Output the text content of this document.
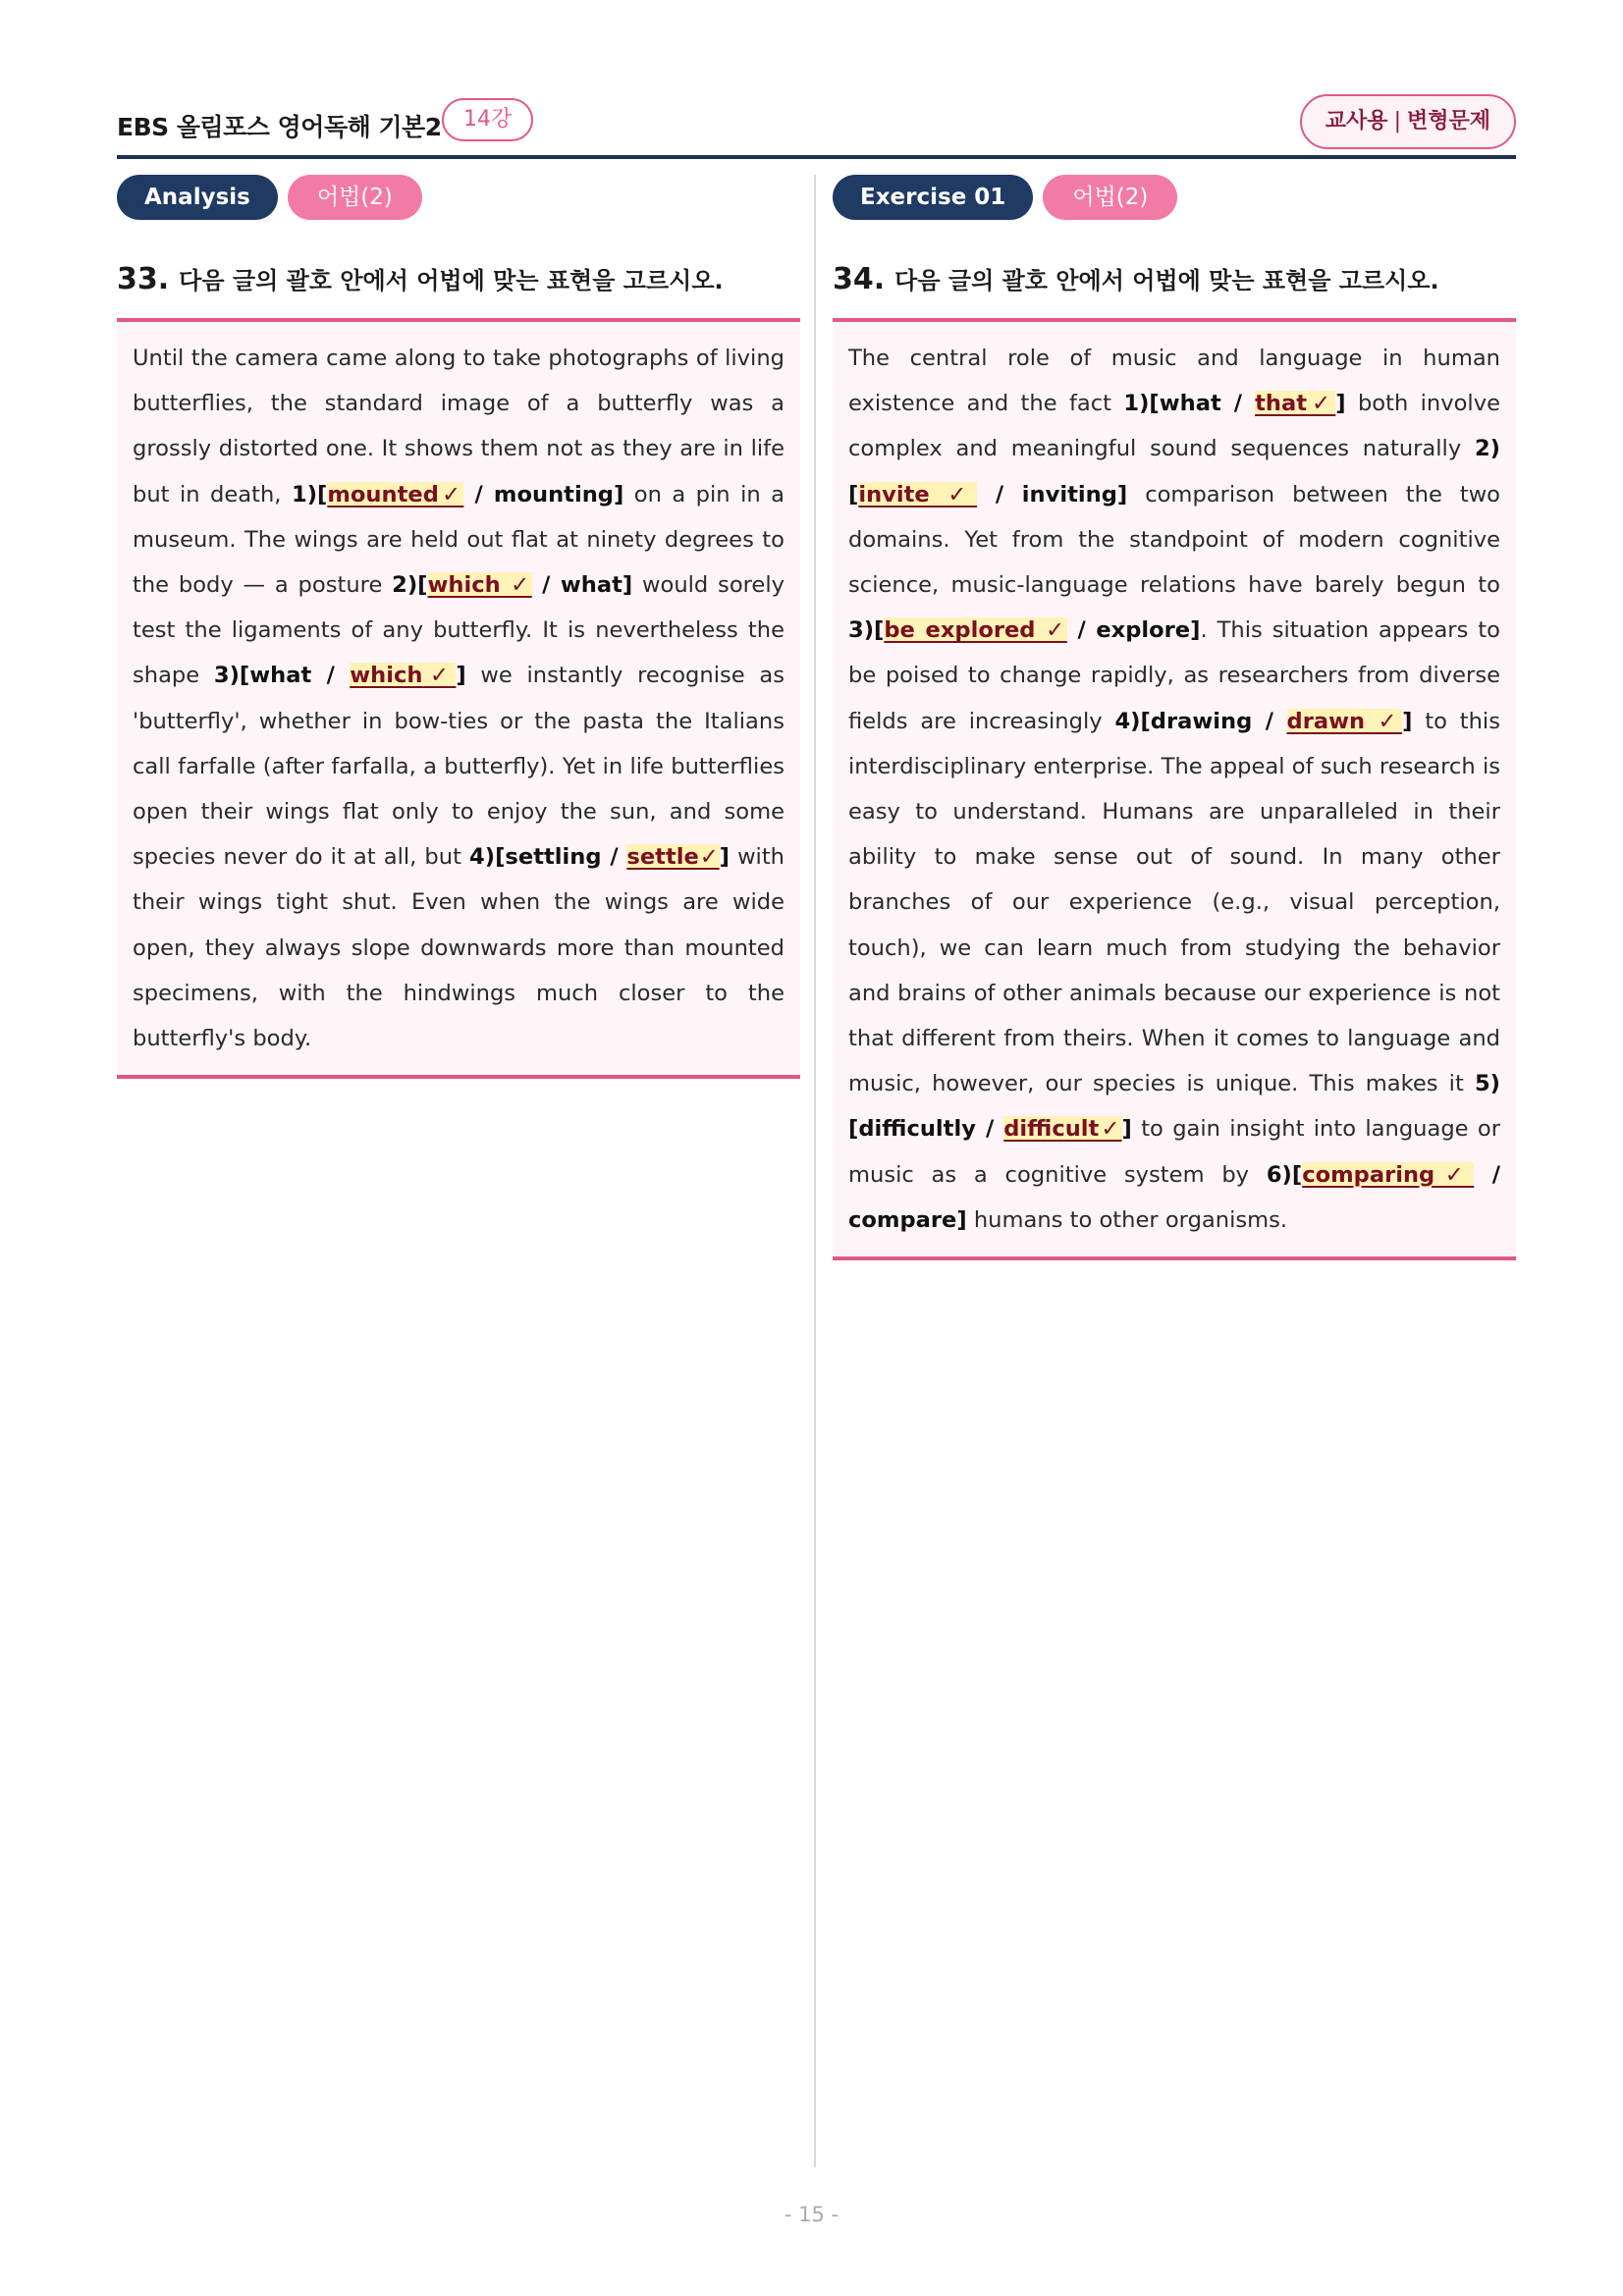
EBS 올림포스 영어독해 기본2	14강	교사용 | 변형문제
Analysis	어법(2)
33. 다음 글의 괄호 안에서 어법에 맞는 표현을 고르시오.
Until the camera came along to take photographs of living butterflies, the standard image of a butterfly was a grossly distorted one. It shows them not as they are in life but in death, 1)[mounted✓ / mounting] on a pin in a museum. The wings are held out flat at ninety degrees to the body — a posture 2)[which ✓ / what] would sorely test the ligaments of any butterfly. It is nevertheless the shape 3)[what / which✓] we instantly recognise as 'butterfly', whether in bow-ties or the pasta the Italians call farfalle (after farfalla, a butterfly). Yet in life butterflies open their wings flat only to enjoy the sun, and some species never do it at all, but 4)[settling / settle✓] with their wings tight shut. Even when the wings are wide open, they always slope downwards more than mounted specimens, with the hindwings much closer to the butterfly's body.
Exercise 01	어법(2)
34. 다음 글의 괄호 안에서 어법에 맞는 표현을 고르시오.
The central role of music and language in human existence and the fact 1)[what / that✓] both involve complex and meaningful sound sequences naturally 2)[invite ✓ / inviting] comparison between the two domains. Yet from the standpoint of modern cognitive science, music-language relations have barely begun to 3)[be explored ✓ / explore]. This situation appears to be poised to change rapidly, as researchers from diverse fields are increasingly 4)[drawing / drawn ✓] to this interdisciplinary enterprise. The appeal of such research is easy to understand. Humans are unparalleled in their ability to make sense out of sound. In many other branches of our experience (e.g., visual perception, touch), we can learn much from studying the behavior and brains of other animals because our experience is not that different from theirs. When it comes to language and music, however, our species is unique. This makes it 5)[difficultly / difficult✓] to gain insight into language or music as a cognitive system by 6)[comparing✓ / compare] humans to other organisms.
- 15 -
